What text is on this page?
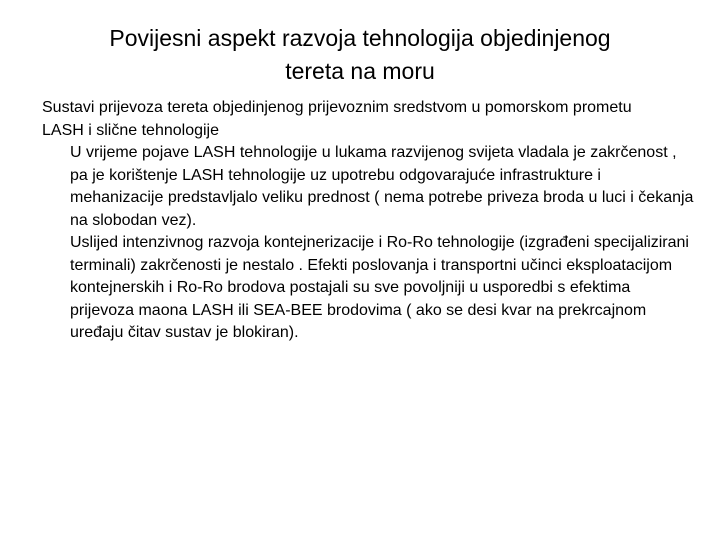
Povijesni aspekt razvoja tehnologija objedinjenog
tereta na moru

Sustavi prijevoza tereta objedinjenog prijevoznim sredstvom u pomorskom prometu

LASH i slične tehnologije

U vrijeme pojave LASH tehnologije u lukama razvijenog svijeta vladala je zakrčenost , pa je korištenje LASH tehnologije uz upotrebu odgovarajuće infrastrukture i mehanizacije predstavljalo veliku prednost ( nema potrebe priveza broda u luci i čekanja na slobodan vez).

Uslijed intenzivnog razvoja kontejnerizacije i Ro-Ro tehnologije (izgrađeni specijalizirani terminali) zakrčenosti je nestalo . Efekti poslovanja i transportni učinci eksploatacijom kontejnerskih i Ro-Ro brodova postajali su sve povoljniji u usporedbi s efektima prijevoza maona LASH ili SEA-BEE brodovima ( ako se desi kvar na prekrcajnom uređaju čitav sustav je blokiran).
